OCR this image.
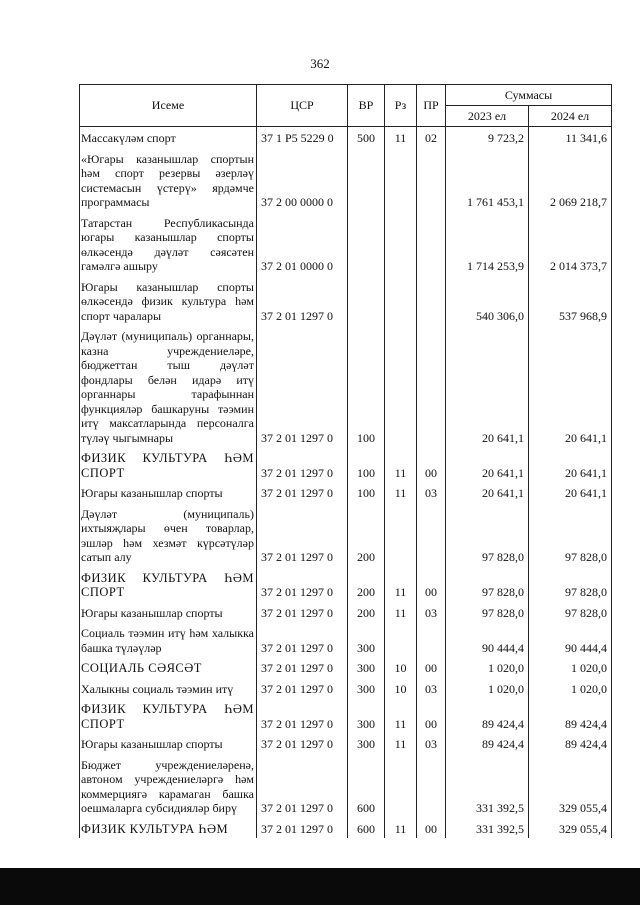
362
Исеме	ЦСР	ВР	Рз	ПР	Суммасы	
					2023 ел	2024 ел
Массакүләм спорт	37 1 Р5 5229 0	500	11	02	9 723,2	11 341,6
«Югары казанышлар спортын һәм спорт резервы әзерләү системасын үстерү» ярдәмче программасы	37 2 00 0000 0				1 761 453,1	2 069 218,7
Татарстан Республикасында югары казанышлар спорты өлкәсендә дәүләт сәясәтен гамәлгә ашыру	37 2 01 0000 0				1 714 253,9	2 014 373,7
Югары казанышлар спорты өлкәсендә физик культура һәм спорт чаралары	37 2 01 1297 0				540 306,0	537 968,9
Дәүләт (муниципаль) органнары, казна учреждениеләре, бюджеттан тыш дәүләт фондлары белән идарә итү органнары тарафыннан функцияләр башкаруны тәэмин итү максатларында персоналга түләү чыгымнары	37 2 01 1297 0	100			20 641,1	20 641,1
ФИЗИК КУЛЬТУРА ҺӘМ СПОРТ	37 2 01 1297 0	100	11	00	20 641,1	20 641,1
Югары казанышлар спорты	37 2 01 1297 0	100	11	03	20 641,1	20 641,1
Дәүләт (муниципаль) ихтыяҗлары өчен товарлар, эшләр һәм хезмәт күрсәтүләр сатып алу	37 2 01 1297 0	200			97 828,0	97 828,0
ФИЗИК КУЛЬТУРА ҺӘМ СПОРТ	37 2 01 1297 0	200	11	00	97 828,0	97 828,0
Югары казанышлар спорты	37 2 01 1297 0	200	11	03	97 828,0	97 828,0
Социаль тәэмин итү һәм халыкка башка түләүләр	37 2 01 1297 0	300			90 444,4	90 444,4
СОЦИАЛЬ СӘЯСӘТ	37 2 01 1297 0	300	10	00	1 020,0	1 020,0
Халыкны социаль тәэмин итү	37 2 01 1297 0	300	10	03	1 020,0	1 020,0
ФИЗИК КУЛЬТУРА ҺӘМ СПОРТ	37 2 01 1297 0	300	11	00	89 424,4	89 424,4
Югары казанышлар спорты	37 2 01 1297 0	300	11	03	89 424,4	89 424,4
Бюджет учреждениеләренә, автоном учреждениеләргә һәм коммерциягә карамаган башка оешмаларга субсидияләр бирү	37 2 01 1297 0	600			331 392,5	329 055,4
ФИЗИК КУЛЬТУРА ҺӘМ	37 2 01 1297 0	600	11	00	331 392,5	329 055,4
